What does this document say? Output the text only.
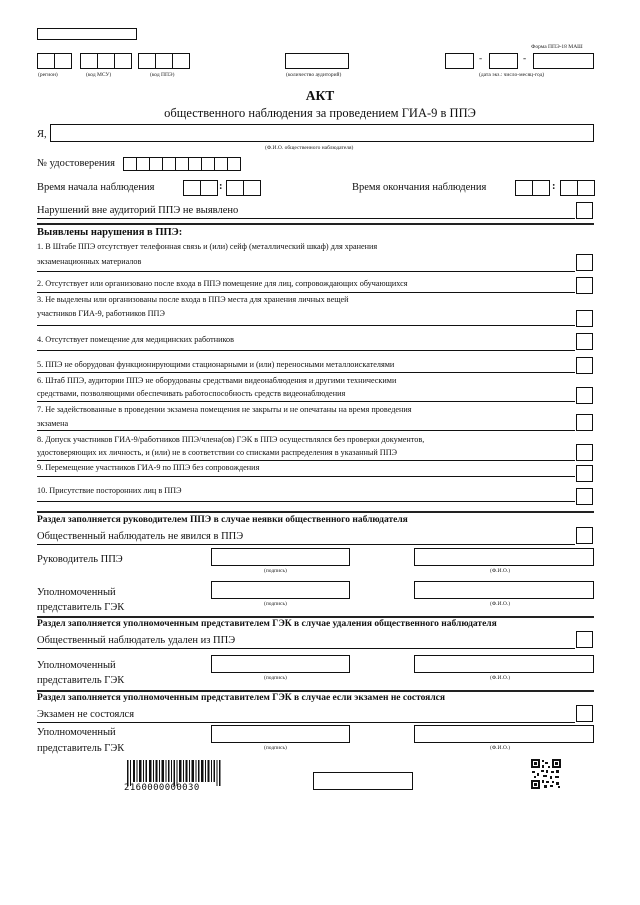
(регион)	(код МСУ)	(код ППЭ)	(количество аудиторий)
Форма ППЭ-18 МАШ
-	-
(дата экз.: число-месяц-год)
АКТ
общественного наблюдения за проведением ГИА-9 в ППЭ
Я,
(Ф.И.О. общественного наблюдателя)
№ удостоверения
Время начала наблюдения	:	Время окончания наблюдения	:
Нарушений вне аудиторий ППЭ не выявлено
Выявлены нарушения в ППЭ:
1. В Штабе ППЭ отсутствует телефонная связь и (или) сейф (металлический шкаф) для хранения
экзаменационных материалов
2. Отсутствует или организовано после входа в ППЭ помещение для лиц, сопровождающих обучающихся
3. Не выделены или организованы после входа в ППЭ места для хранения личных вещей
участников ГИА-9, работников ППЭ
4. Отсутствует помещение для медицинских работников
5. ППЭ не оборудован функционирующими стационарными и (или) переносными металлоискателями
6. Штаб ППЭ, аудитории ППЭ не оборудованы средствами видеонаблюдения и другими техническими
средствами, позволяющими обеспечивать работоспособность средств видеонаблюдения
7. Не задействованные в проведении экзамена помещения не закрыты и не опечатаны на время проведения
экзамена
8. Допуск участников ГИА-9/работников ППЭ/члена(ов) ГЭК в ППЭ осуществлялся без проверки документов,
удостоверяющих их личность, и (или) не в соответствии со списками распределения в указанный ППЭ
9. Перемещение участников ГИА-9 по ППЭ без сопровождения
10. Присутствие посторонних лиц в ППЭ
Раздел заполняется руководителем ППЭ в случае неявки общественного наблюдателя
Общественный наблюдатель не явился в ППЭ
Руководитель ППЭ
(подпись)	(Ф.И.О.)
Уполномоченный
представитель ГЭК	(подпись)	(Ф.И.О.)
Раздел заполняется уполномоченным представителем ГЭК в случае удаления общественного наблюдателя
Общественный наблюдатель удален из ППЭ
Уполномоченный
представитель ГЭК	(подпись)	(Ф.И.О.)
Раздел заполняется уполномоченным представителем ГЭК в случае если экзамен не состоялся
Экзамен не состоялся
Уполномоченный
представитель ГЭК	(подпись)	(Ф.И.О.)
2160000000030
